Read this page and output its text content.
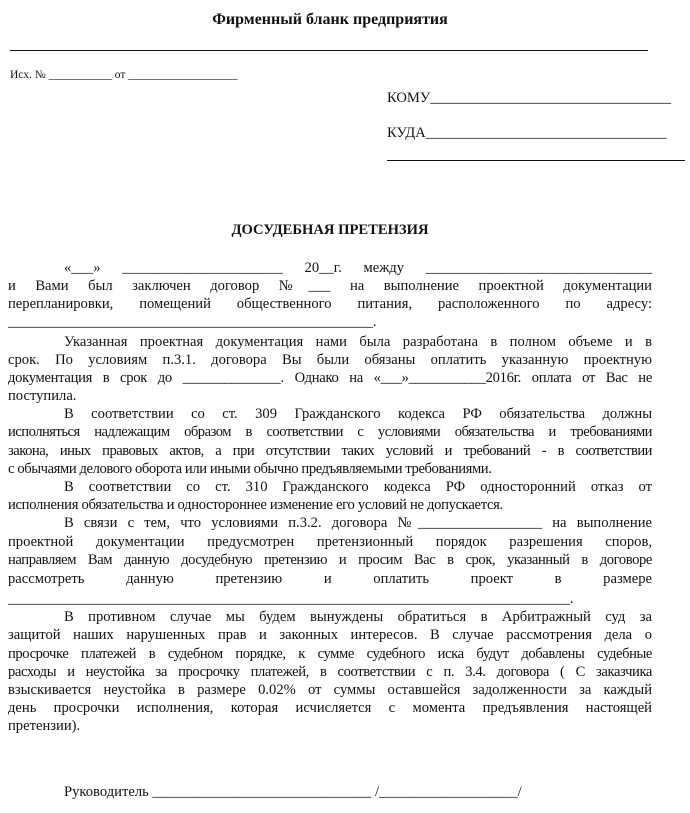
Фирменный бланк предприятия
Исх. № ___________ от ___________________
КОМУ_________________________________
КУДА_________________________________
ДОСУДЕБНАЯ ПРЕТЕНЗИЯ
«___» ______________________ 20__г. между _______________________________
и Вами был заключен договор №___ на выполнение проектной документации
перепланировки, помещений общественного питания, расположенного по адресу:
__________________________________________________.
Указанная проектная документация нами была разработана в полном объеме и в
срок. По условиям п.3.1. договора Вы были обязаны оплатить указанную проектную
документация в срок до ______________. Однако на «___»___________2016г. оплата от Вас не
поступила.
В соответствии со ст. 309 Гражданского кодекса РФ обязательства должны
исполняться надлежащим образом в соответствии с условиями обязательства и требованиями
закона, иных правовых актов, а при отсутствии таких условий и требований - в соответствии
с обычаями делового оборота или иными обычно предъявляемыми требованиями.
В соответствии со ст. 310 Гражданского кодекса РФ односторонний отказ от
исполнения обязательства и одностороннее изменение его условий не допускается.
В связи с тем, что условиями п.3.2. договора №_________________ на выполнение
проектной документации предусмотрен претензионный порядок разрешения споров,
направляем Вам данную досудебную претензию и просим Вас в срок, указанный в договоре
рассмотреть данную претензию и оплатить проект в размере
_____________________________________________________________________________.
В противном случае мы будем вынуждены обратиться в Арбитражный суд за
защитой наших нарушенных прав и законных интересов. В случае рассмотрения дела о
просрочке платежей в судебном порядке, к сумме судебного иска будут добавлены судебные
расходы и неустойка за просрочку платежей, в соответствии с п. 3.4. договора ( С заказчика
взыскивается неустойка в размере 0.02% от суммы оставшейся задолженности за каждый
день просрочки исполнения, которая исчисляется с момента предъявления настоящей
претензии).
Руководитель ______________________________ /___________________/
